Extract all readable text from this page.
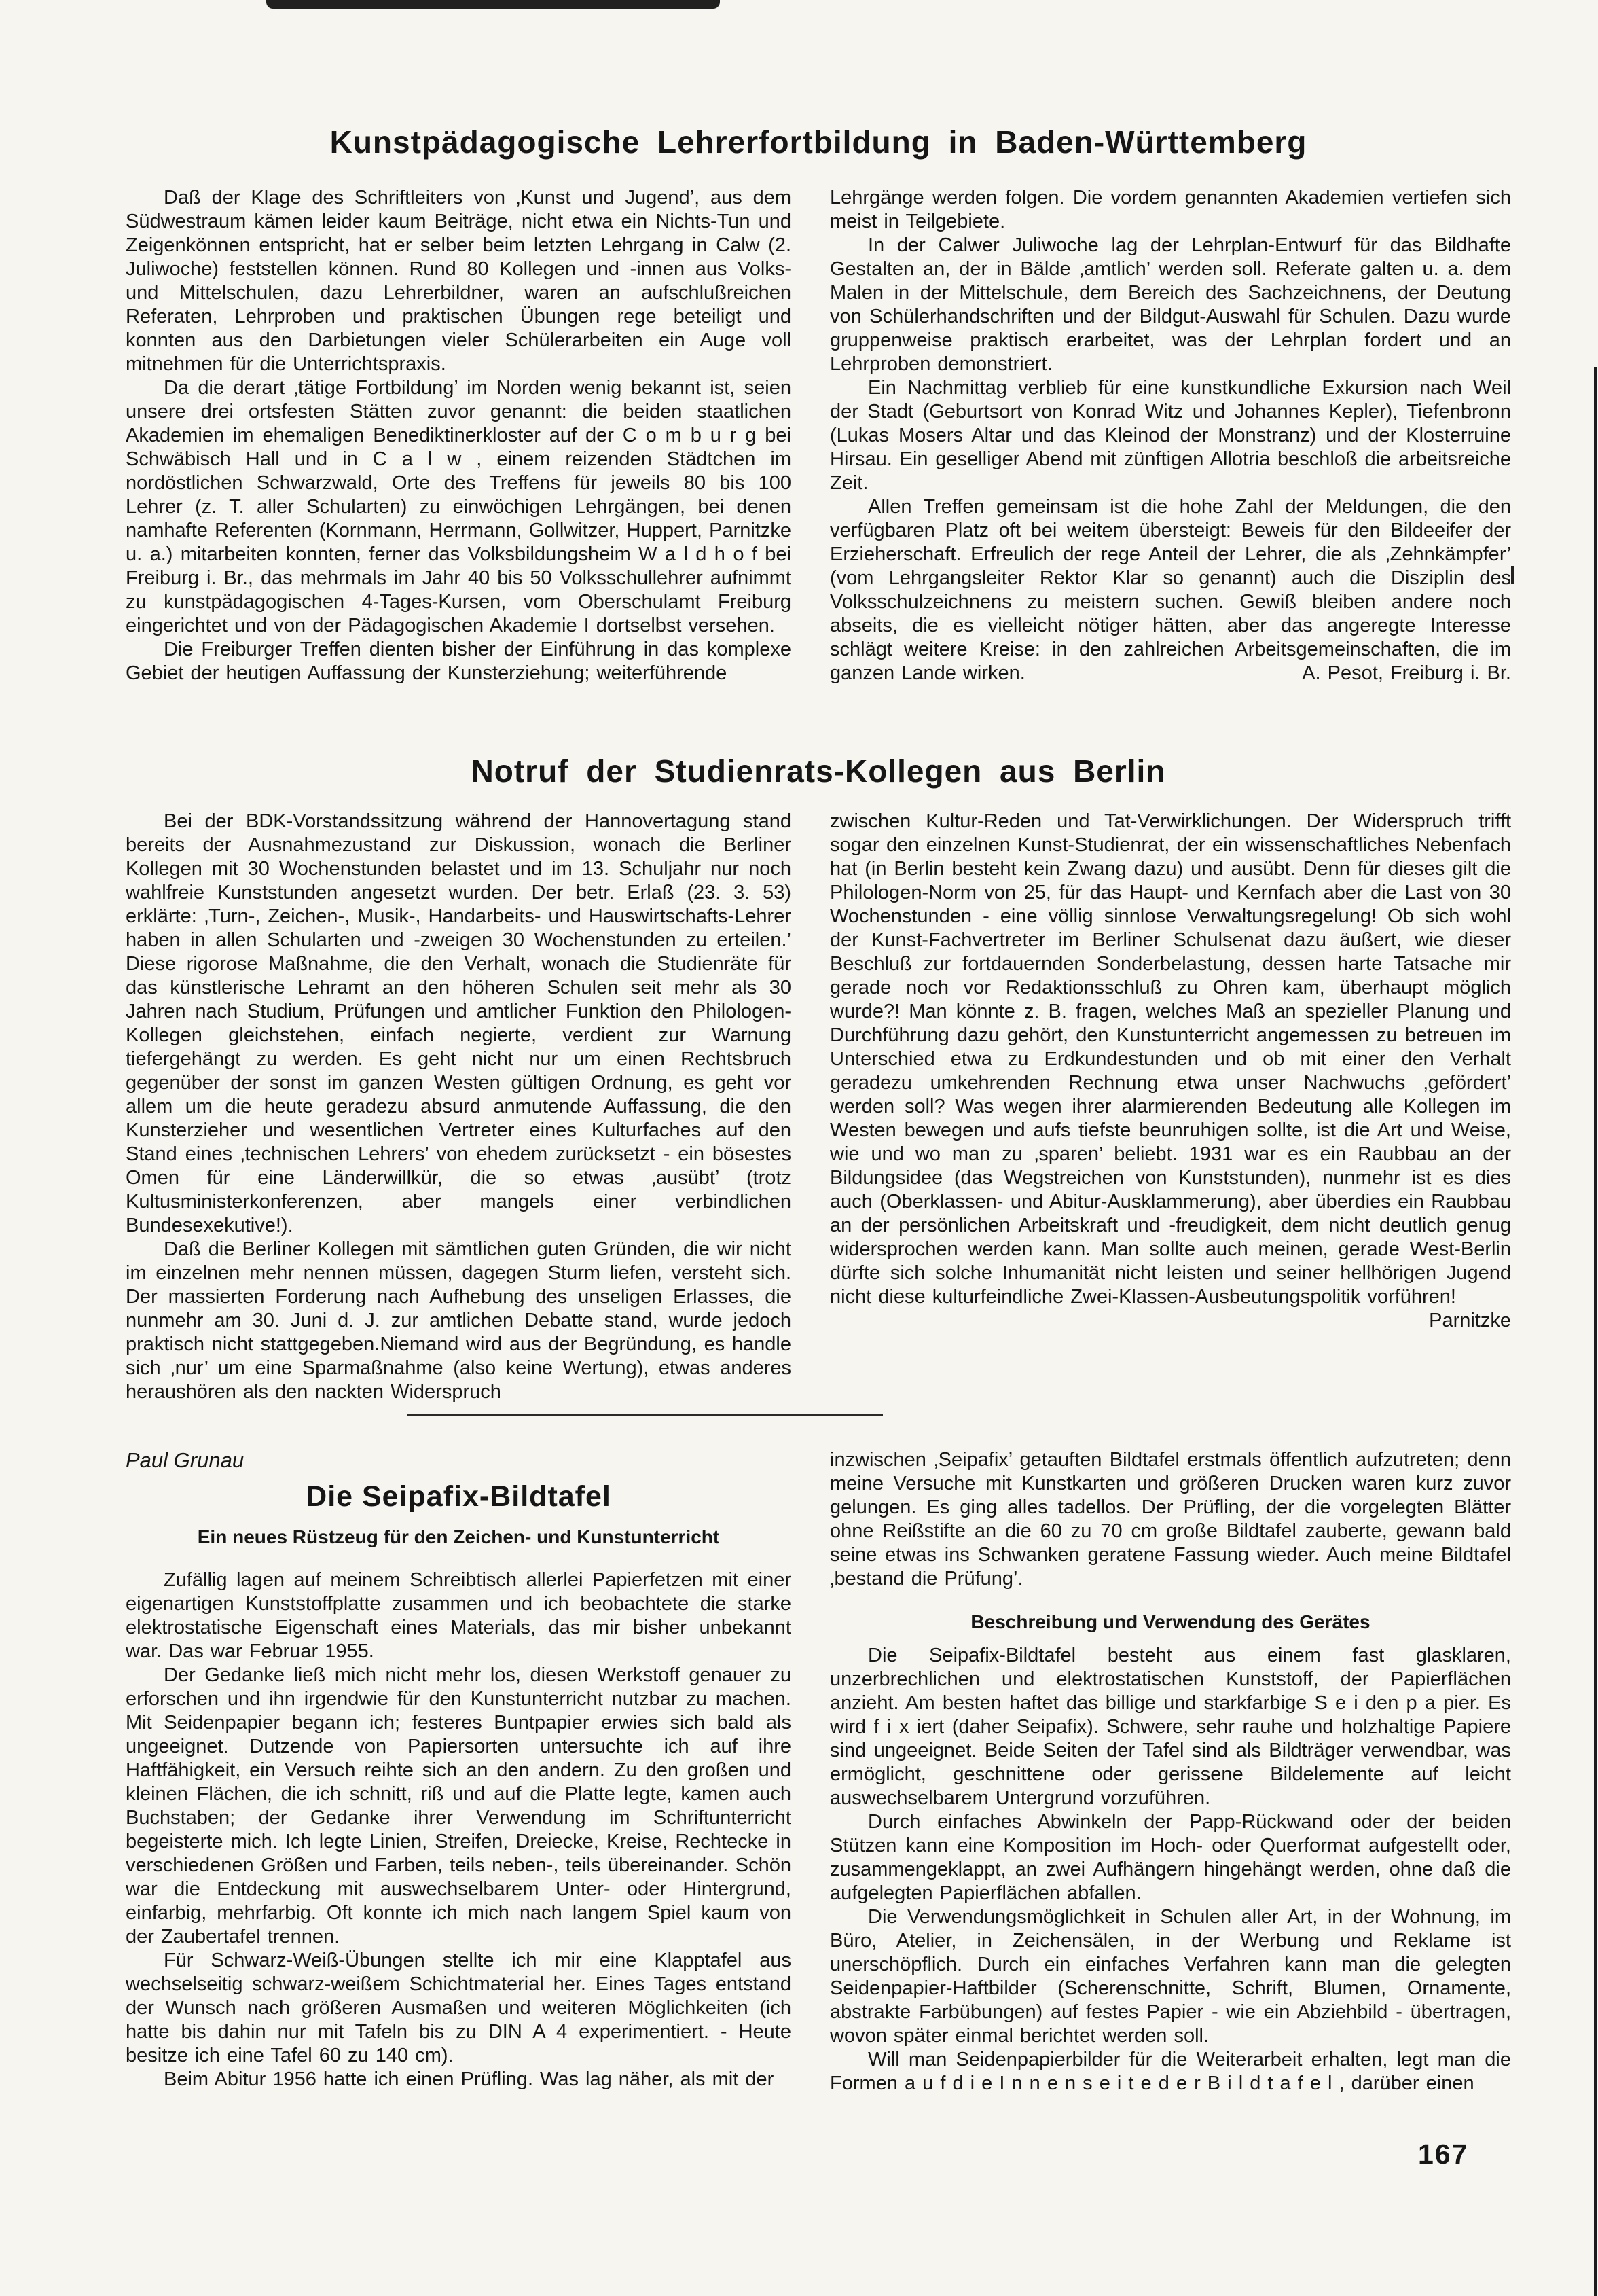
Kunstpädagogische Lehrerfortbildung in Baden-Württemberg

Daß der Klage des Schriftleiters von ‚Kunst und Jugend’, aus dem Südwestraum kämen leider kaum Beiträge, nicht etwa ein Nichts-Tun und Zeigenkönnen entspricht, hat er selber beim letzten Lehrgang in Calw (2. Juliwoche) feststellen können. Rund 80 Kollegen und -innen aus Volks- und Mittelschulen, dazu Lehrerbildner, waren an aufschlußreichen Referaten, Lehrproben und praktischen Übungen rege beteiligt und konnten aus den Darbietungen vieler Schülerarbeiten ein Auge voll mitnehmen für die Unterrichtspraxis.

Da die derart ‚tätige Fortbildung’ im Norden wenig bekannt ist, seien unsere drei ortsfesten Stätten zuvor genannt: die beiden staatlichen Akademien im ehemaligen Benediktinerkloster auf der C o m b u r g bei Schwäbisch Hall und in C a l w , einem reizenden Städtchen im nordöstlichen Schwarzwald, Orte des Treffens für jeweils 80 bis 100 Lehrer (z. T. aller Schularten) zu einwöchigen Lehrgängen, bei denen namhafte Referenten (Kornmann, Herrmann, Gollwitzer, Huppert, Parnitzke u. a.) mitarbeiten konnten, ferner das Volksbildungsheim W a l d h o f bei Freiburg i. Br., das mehrmals im Jahr 40 bis 50 Volksschullehrer aufnimmt zu kunstpädagogischen 4-Tages-Kursen, vom Oberschulamt Freiburg eingerichtet und von der Pädagogischen Akademie I dortselbst versehen.

Die Freiburger Treffen dienten bisher der Einführung in das komplexe Gebiet der heutigen Auffassung der Kunsterziehung; weiterführende

Lehrgänge werden folgen. Die vordem genannten Akademien vertiefen sich meist in Teilgebiete.

In der Calwer Juliwoche lag der Lehrplan-Entwurf für das Bildhafte Gestalten an, der in Bälde ‚amtlich’ werden soll. Referate galten u. a. dem Malen in der Mittelschule, dem Bereich des Sachzeichnens, der Deutung von Schülerhandschriften und der Bildgut-Auswahl für Schulen. Dazu wurde gruppenweise praktisch erarbeitet, was der Lehrplan fordert und an Lehrproben demonstriert.

Ein Nachmittag verblieb für eine kunstkundliche Exkursion nach Weil der Stadt (Geburtsort von Konrad Witz und Johannes Kepler), Tiefenbronn (Lukas Mosers Altar und das Kleinod der Monstranz) und der Klosterruine Hirsau. Ein geselliger Abend mit zünftigen Allotria beschloß die arbeitsreiche Zeit.

Allen Treffen gemeinsam ist die hohe Zahl der Meldungen, die den verfügbaren Platz oft bei weitem übersteigt: Beweis für den Bildeeifer der Erzieherschaft. Erfreulich der rege Anteil der Lehrer, die als ‚Zehnkämpfer’ (vom Lehrgangsleiter Rektor Klar so genannt) auch die Disziplin des Volksschulzeichnens zu meistern suchen. Gewiß bleiben andere noch abseits, die es vielleicht nötiger hätten, aber das angeregte Interesse schlägt weitere Kreise: in den zahlreichen Arbeitsgemeinschaften, die im ganzen Lande wirken.	A. Pesot, Freiburg i. Br.

Notruf der Studienrats-Kollegen aus Berlin

Bei der BDK-Vorstandssitzung während der Hannovertagung stand bereits der Ausnahmezustand zur Diskussion, wonach die Berliner Kollegen mit 30 Wochenstunden belastet und im 13. Schuljahr nur noch wahlfreie Kunststunden angesetzt wurden. Der betr. Erlaß (23. 3. 53) erklärte: ‚Turn-, Zeichen-, Musik-, Handarbeits- und Hauswirtschafts-Lehrer haben in allen Schularten und -zweigen 30 Wochenstunden zu erteilen.’ Diese rigorose Maßnahme, die den Verhalt, wonach die Studienräte für das künstlerische Lehramt an den höheren Schulen seit mehr als 30 Jahren nach Studium, Prüfungen und amtlicher Funktion den Philologen-Kollegen gleichstehen, einfach negierte, verdient zur Warnung tiefergehängt zu werden. Es geht nicht nur um einen Rechtsbruch gegenüber der sonst im ganzen Westen gültigen Ordnung, es geht vor allem um die heute geradezu absurd anmutende Auffassung, die den Kunsterzieher und wesentlichen Vertreter eines Kulturfaches auf den Stand eines ‚technischen Lehrers’ von ehedem zurücksetzt - ein bösestes Omen für eine Länderwillkür, die so etwas ‚ausübt’ (trotz Kultusministerkonferenzen, aber mangels einer verbindlichen Bundesexekutive!).

Daß die Berliner Kollegen mit sämtlichen guten Gründen, die wir nicht im einzelnen mehr nennen müssen, dagegen Sturm liefen, versteht sich. Der massierten Forderung nach Aufhebung des unseligen Erlasses, die nunmehr am 30. Juni d. J. zur amtlichen Debatte stand, wurde jedoch praktisch nicht stattgegeben.Niemand wird aus der Begründung, es handle sich ‚nur’ um eine Sparmaßnahme (also keine Wertung), etwas anderes heraushören als den nackten Widerspruch

zwischen Kultur-Reden und Tat-Verwirklichungen. Der Widerspruch trifft sogar den einzelnen Kunst-Studienrat, der ein wissenschaftliches Nebenfach hat (in Berlin besteht kein Zwang dazu) und ausübt. Denn für dieses gilt die Philologen-Norm von 25, für das Haupt- und Kernfach aber die Last von 30 Wochenstunden - eine völlig sinnlose Verwaltungsregelung! Ob sich wohl der Kunst-Fachvertreter im Berliner Schulsenat dazu äußert, wie dieser Beschluß zur fortdauernden Sonderbelastung, dessen harte Tatsache mir gerade noch vor Redaktionsschluß zu Ohren kam, überhaupt möglich wurde?! Man könnte z. B. fragen, welches Maß an spezieller Planung und Durchführung dazu gehört, den Kunstunterricht angemessen zu betreuen im Unterschied etwa zu Erdkundestunden und ob mit einer den Verhalt geradezu umkehrenden Rechnung etwa unser Nachwuchs ‚gefördert’ werden soll? Was wegen ihrer alarmierenden Bedeutung alle Kollegen im Westen bewegen und aufs tiefste beunruhigen sollte, ist die Art und Weise, wie und wo man zu ‚sparen’ beliebt. 1931 war es ein Raubbau an der Bildungsidee (das Wegstreichen von Kunststunden), nunmehr ist es dies auch (Oberklassen- und Abitur-Ausklammerung), aber überdies ein Raubbau an der persönlichen Arbeitskraft und -freudigkeit, dem nicht deutlich genug widersprochen werden kann. Man sollte auch meinen, gerade West-Berlin dürfte sich solche Inhumanität nicht leisten und seiner hellhörigen Jugend nicht diese kulturfeindliche Zwei-Klassen-Ausbeutungspolitik vorführen!
Parnitzke

Paul Grunau

Die Seipafix-Bildtafel
Ein neues Rüstzeug für den Zeichen- und Kunstunterricht

Zufällig lagen auf meinem Schreibtisch allerlei Papierfetzen mit einer eigenartigen Kunststoffplatte zusammen und ich beobachtete die starke elektrostatische Eigenschaft eines Materials, das mir bisher unbekannt war. Das war Februar 1955.

Der Gedanke ließ mich nicht mehr los, diesen Werkstoff genauer zu erforschen und ihn irgendwie für den Kunstunterricht nutzbar zu machen. Mit Seidenpapier begann ich; festeres Buntpapier erwies sich bald als ungeeignet. Dutzende von Papiersorten untersuchte ich auf ihre Haftfähigkeit, ein Versuch reihte sich an den andern. Zu den großen und kleinen Flächen, die ich schnitt, riß und auf die Platte legte, kamen auch Buchstaben; der Gedanke ihrer Verwendung im Schriftunterricht begeisterte mich. Ich legte Linien, Streifen, Dreiecke, Kreise, Rechtecke in verschiedenen Größen und Farben, teils neben-, teils übereinander. Schön war die Entdeckung mit auswechselbarem Unter- oder Hintergrund, einfarbig, mehrfarbig. Oft konnte ich mich nach langem Spiel kaum von der Zaubertafel trennen.

Für Schwarz-Weiß-Übungen stellte ich mir eine Klapptafel aus wechselseitig schwarz-weißem Schichtmaterial her. Eines Tages entstand der Wunsch nach größeren Ausmaßen und weiteren Möglichkeiten (ich hatte bis dahin nur mit Tafeln bis zu DIN A 4 experimentiert. - Heute besitze ich eine Tafel 60 zu 140 cm).

Beim Abitur 1956 hatte ich einen Prüfling. Was lag näher, als mit der

inzwischen ‚Seipafix’ getauften Bildtafel erstmals öffentlich aufzutreten; denn meine Versuche mit Kunstkarten und größeren Drucken waren kurz zuvor gelungen. Es ging alles tadellos. Der Prüfling, der die vorgelegten Blätter ohne Reißstifte an die 60 zu 70 cm große Bildtafel zauberte, gewann bald seine etwas ins Schwanken geratene Fassung wieder. Auch meine Bildtafel ‚bestand die Prüfung’.

Beschreibung und Verwendung des Gerätes

Die Seipafix-Bildtafel besteht aus einem fast glasklaren, unzerbrechlichen und elektrostatischen Kunststoff, der Papierflächen anzieht. Am besten haftet das billige und starkfarbige S e i den p a pier. Es wird f i x iert (daher Seipafix). Schwere, sehr rauhe und holzhaltige Papiere sind ungeeignet. Beide Seiten der Tafel sind als Bildträger verwendbar, was ermöglicht, geschnittene oder gerissene Bildelemente auf leicht auswechselbarem Untergrund vorzuführen.

Durch einfaches Abwinkeln der Papp-Rückwand oder der beiden Stützen kann eine Komposition im Hoch- oder Querformat aufgestellt oder, zusammengeklappt, an zwei Aufhängern hingehängt werden, ohne daß die aufgelegten Papierflächen abfallen.

Die Verwendungsmöglichkeit in Schulen aller Art, in der Wohnung, im Büro, Atelier, in Zeichensälen, in der Werbung und Reklame ist unerschöpflich. Durch ein einfaches Verfahren kann man die gelegten Seidenpapier-Haftbilder (Scherenschnitte, Schrift, Blumen, Ornamente, abstrakte Farbübungen) auf festes Papier - wie ein Abziehbild - übertragen, wovon später einmal berichtet werden soll.

Will man Seidenpapierbilder für die Weiterarbeit erhalten, legt man die Formen a u f d i e I n n e n s e i t e d e r B i l d t a f e l , darüber einen

167
